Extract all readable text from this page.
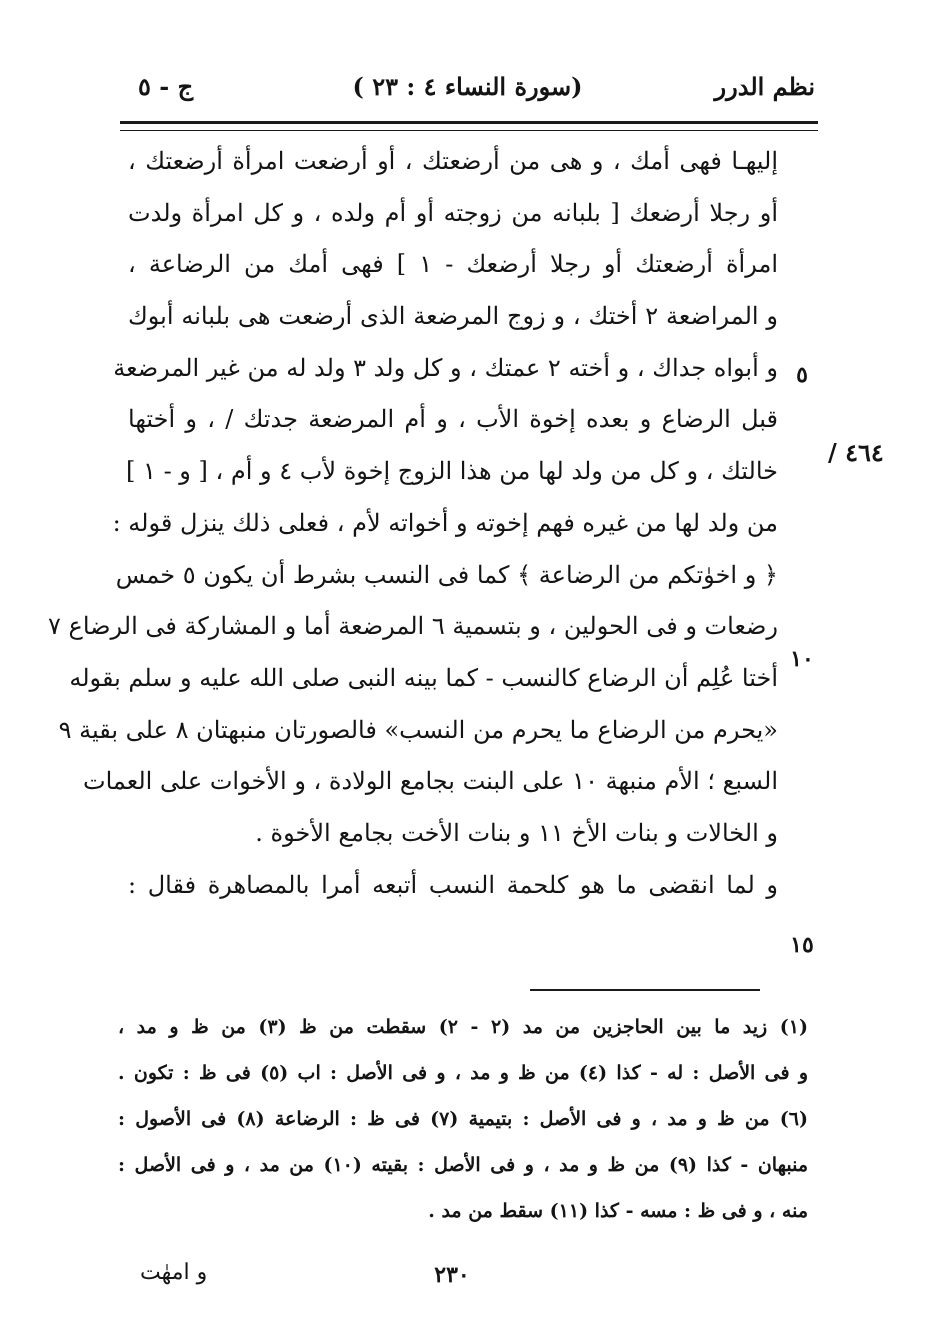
نظم الدرر
(سورة النساء ٤ : ٢٣ )
ج - ٥
إليهـا فهى أمك ، و هى من أرضعتك ، أو أرضعت امرأة أرضعتك ،
أو رجلا أرضعك [ بلبانه من زوجته أو أم ولده ، و كل امرأة ولدت
امرأة أرضعتك أو رجلا أرضعك - ١ ] فهى أمك من الرضاعة ،
و المراضعة ٢ أختك ، و زوج المرضعة الذى أرضعت هى بلبانه أبوك
و أبواه جداك ، و أخته ٢ عمتك ، و كل ولد ٣ ولد له من غير المرضعة
قبل الرضاع و بعده إخوة الأب ، و أم المرضعة جدتك / ، و أختها
خالتك ، و كل من ولد لها من هذا الزوج إخوة لأب ٤ و أم ، [ و - ١ ]
من ولد لها من غيره فهم إخوته و أخواته لأم ، فعلى ذلك ينزل قوله :
﴿ و اخوٰتكم من الرضاعة ﴾ كما فى النسب بشرط أن يكون ٥ خمس
رضعات و فى الحولين ، و بتسمية ٦ المرضعة أما و المشاركة فى الرضاع ٧
أختا عُلِم أن الرضاع كالنسب - كما بينه النبى صلى الله عليه و سلم بقوله
«يحرم من الرضاع ما يحرم من النسب» فالصورتان منبهتان ٨ على بقية ٩
السبع ؛ الأم منبهة ١٠ على البنت بجامع الولادة ، و الأخوات على العمات
و الخالات و بنات الأخ ١١ و بنات الأخت بجامع الأخوة .
و لما انقضى ما هو كلحمة النسب أتبعه أمرا بالمصاهرة فقال :
٥
١٠
١٥
٤٦٤ /
(١) زيد ما بين الحاجزين من مد (٢ - ٢) سقطت من ظ (٣) من ظ و مد ،
و فى الأصل : له - كذا (٤) من ظ و مد ، و فى الأصل : اب (٥) فى ظ : تكون .
(٦) من ظ و مد ، و فى الأصل : بتيمية (٧) فى ظ : الرضاعة (٨) فى الأصول :
منبهان - كذا (٩) من ظ و مد ، و فى الأصل : بقيته (١٠) من مد ، و فى الأصل :
منه ، و فى ظ : مسه - كذا (١١) سقط من مد .
٢٣٠
و امهٰت
